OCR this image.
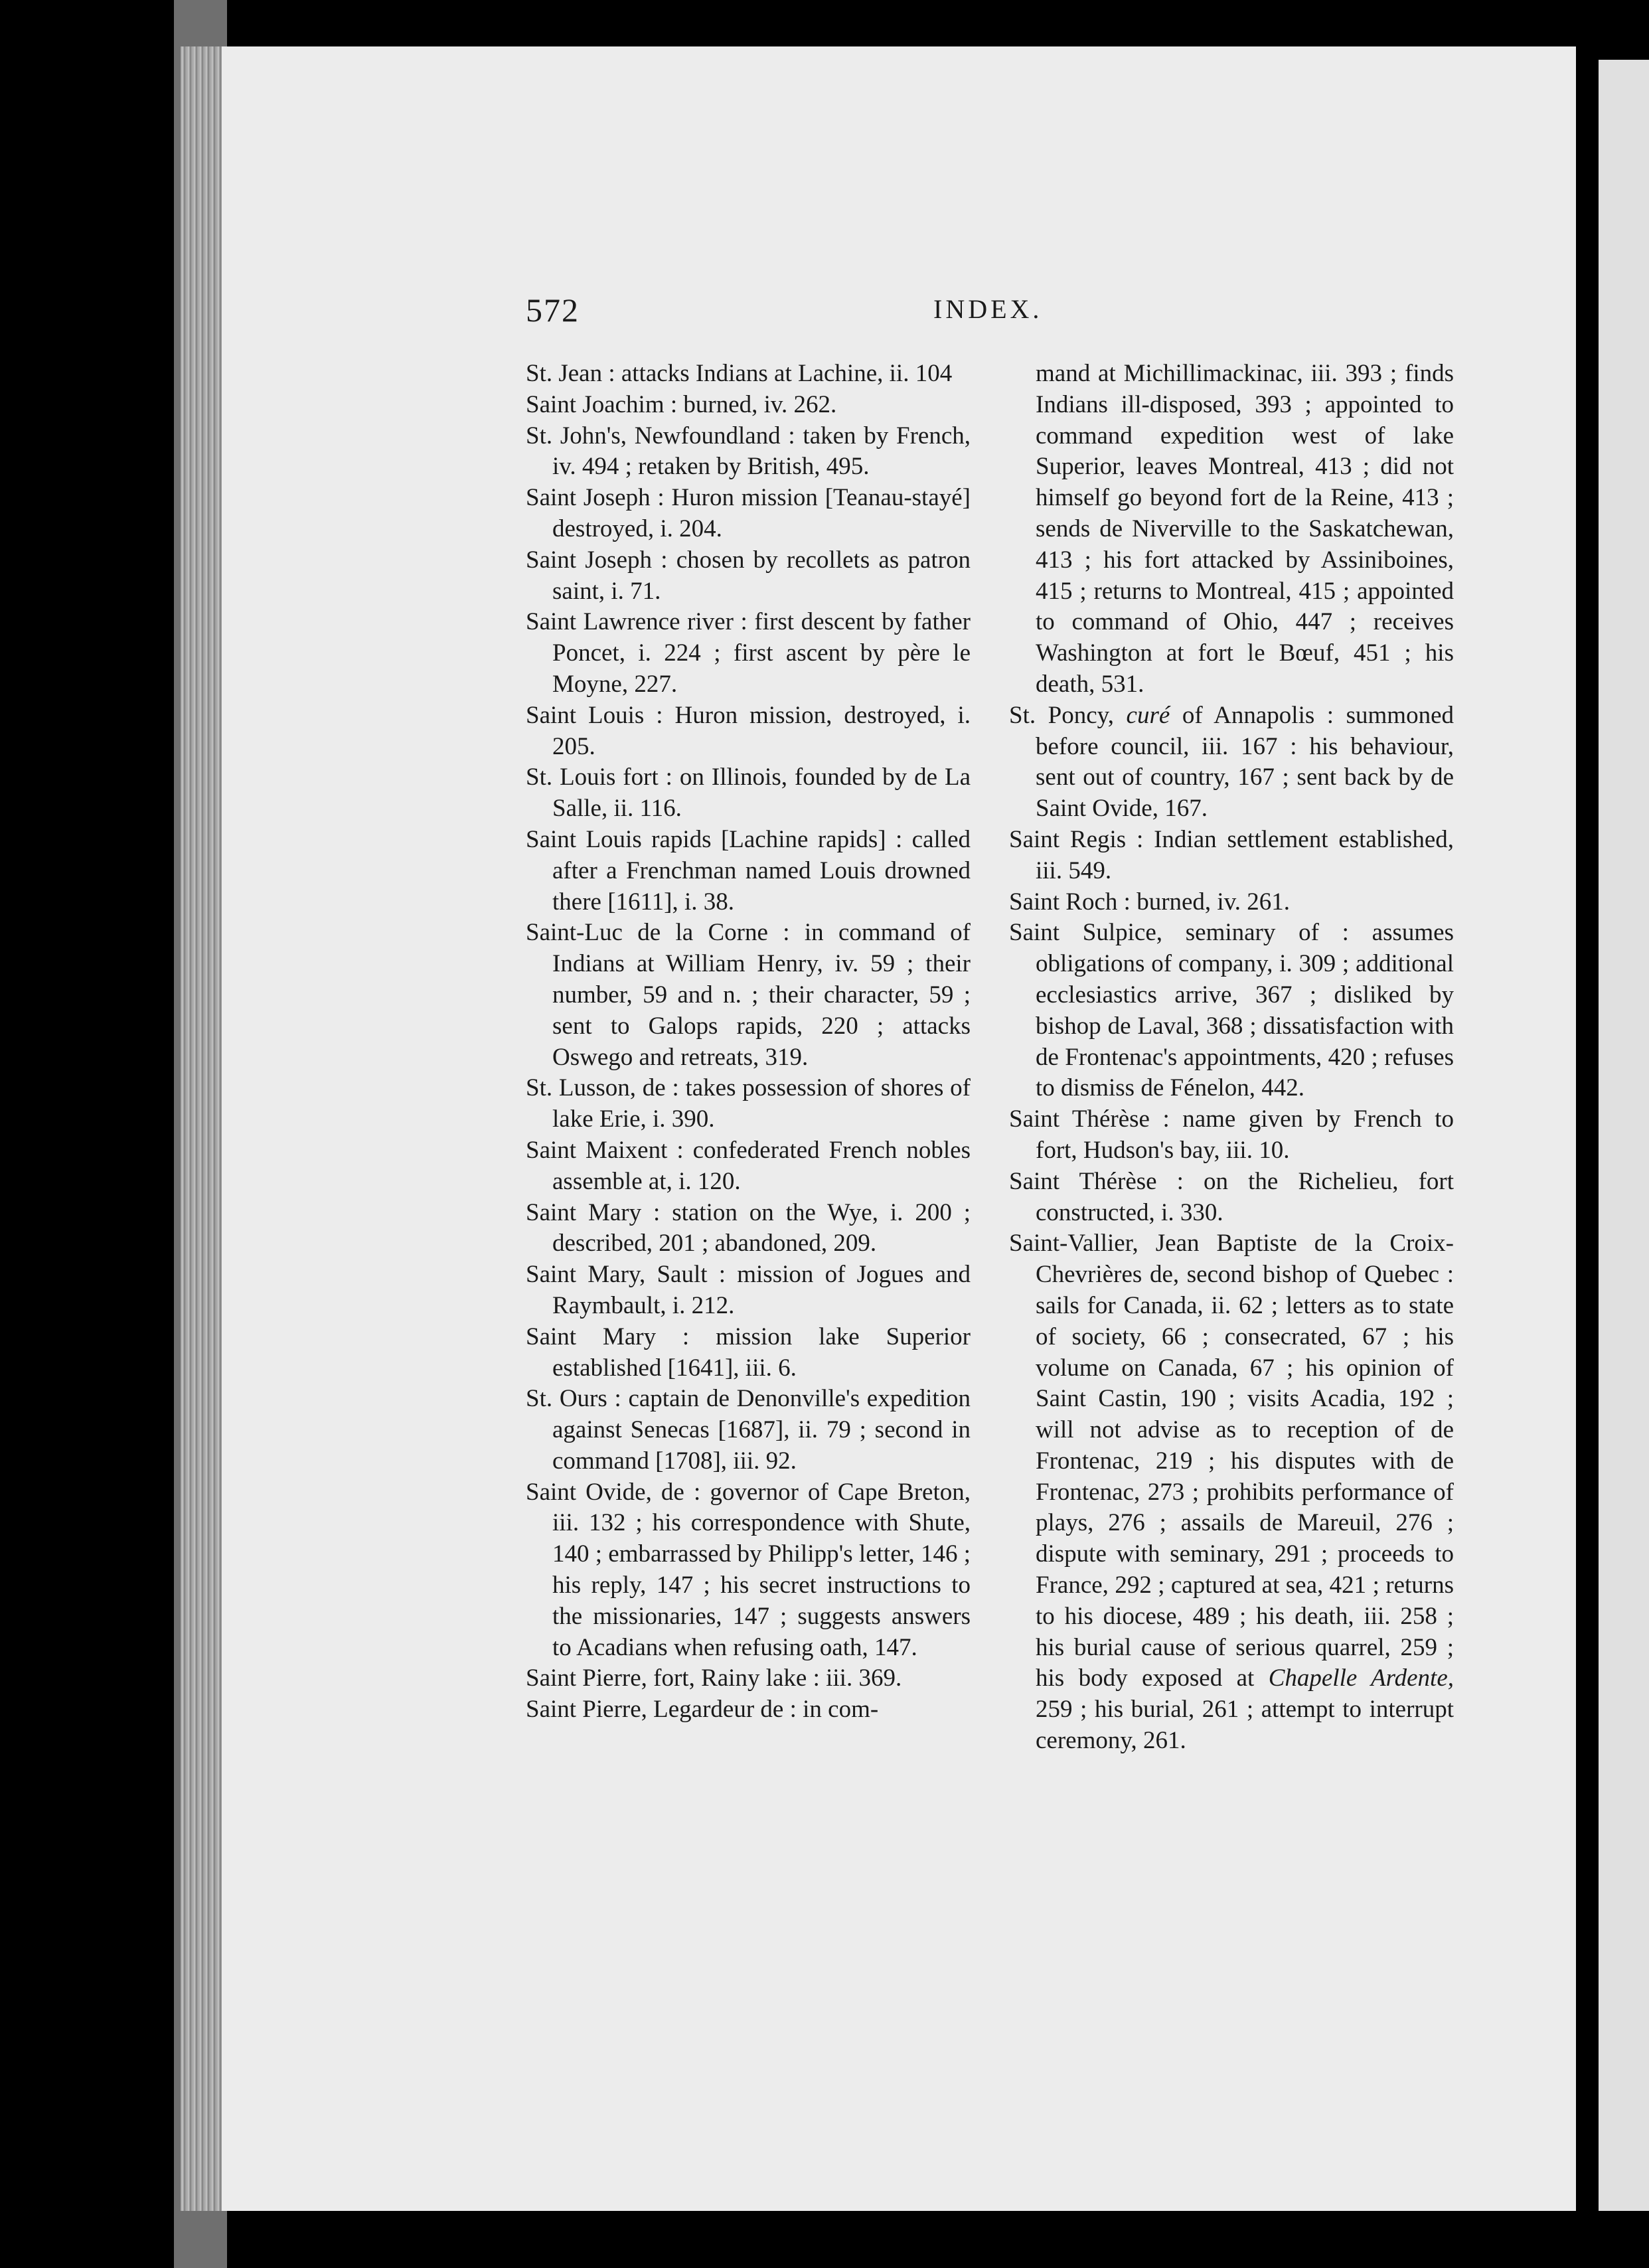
572	INDEX.
St. Jean : attacks Indians at Lachine, ii. 104
Saint Joachim : burned, iv. 262.
St. John's, Newfoundland : taken by French, iv. 494 ; retaken by British, 495.
Saint Joseph : Huron mission [Teanau-stayé] destroyed, i. 204.
Saint Joseph : chosen by recollets as patron saint, i. 71.
Saint Lawrence river : first descent by father Poncet, i. 224 ; first ascent by père le Moyne, 227.
Saint Louis : Huron mission, destroyed, i. 205.
St. Louis fort : on Illinois, founded by de La Salle, ii. 116.
Saint Louis rapids [Lachine rapids] : called after a Frenchman named Louis drowned there [1611], i. 38.
Saint-Luc de la Corne : in command of Indians at William Henry, iv. 59 ; their number, 59 and n. ; their character, 59 ; sent to Galops rapids, 220 ; attacks Oswego and retreats, 319.
St. Lusson, de : takes possession of shores of lake Erie, i. 390.
Saint Maixent : confederated French nobles assemble at, i. 120.
Saint Mary : station on the Wye, i. 200 ; described, 201 ; abandoned, 209.
Saint Mary, Sault : mission of Jogues and Raymbault, i. 212.
Saint Mary : mission lake Superior established [1641], iii. 6.
St. Ours : captain de Denonville's expedition against Senecas [1687], ii. 79 ; second in command [1708], iii. 92.
Saint Ovide, de : governor of Cape Breton, iii. 132 ; his correspondence with Shute, 140 ; embarrassed by Philipp's letter, 146 ; his reply, 147 ; his secret instructions to the missionaries, 147 ; suggests answers to Acadians when refusing oath, 147.
Saint Pierre, fort, Rainy lake : iii. 369.
Saint Pierre, Legardeur de : in com-
mand at Michillimackinac, iii. 393 ; finds Indians ill-disposed, 393 ; appointed to command expedition west of lake Superior, leaves Montreal, 413 ; did not himself go beyond fort de la Reine, 413 ; sends de Niverville to the Saskatchewan, 413 ; his fort attacked by Assiniboines, 415 ; returns to Montreal, 415 ; appointed to command of Ohio, 447 ; receives Washington at fort le Bœuf, 451 ; his death, 531.
St. Poncy, curé of Annapolis : summoned before council, iii. 167 : his behaviour, sent out of country, 167 ; sent back by de Saint Ovide, 167.
Saint Regis : Indian settlement established, iii. 549.
Saint Roch : burned, iv. 261.
Saint Sulpice, seminary of : assumes obligations of company, i. 309 ; additional ecclesiastics arrive, 367 ; disliked by bishop de Laval, 368 ; dissatisfaction with de Frontenac's appointments, 420 ; refuses to dismiss de Fénelon, 442.
Saint Thérèse : name given by French to fort, Hudson's bay, iii. 10.
Saint Thérèse : on the Richelieu, fort constructed, i. 330.
Saint-Vallier, Jean Baptiste de la Croix-Chevrières de, second bishop of Quebec : sails for Canada, ii. 62 ; letters as to state of society, 66 ; consecrated, 67 ; his volume on Canada, 67 ; his opinion of Saint Castin, 190 ; visits Acadia, 192 ; will not advise as to reception of de Frontenac, 219 ; his disputes with de Frontenac, 273 ; prohibits performance of plays, 276 ; assails de Mareuil, 276 ; dispute with seminary, 291 ; proceeds to France, 292 ; captured at sea, 421 ; returns to his diocese, 489 ; his death, iii. 258 ; his burial cause of serious quarrel, 259 ; his body exposed at Chapelle Ardente, 259 ; his burial, 261 ; attempt to interrupt ceremony, 261.
